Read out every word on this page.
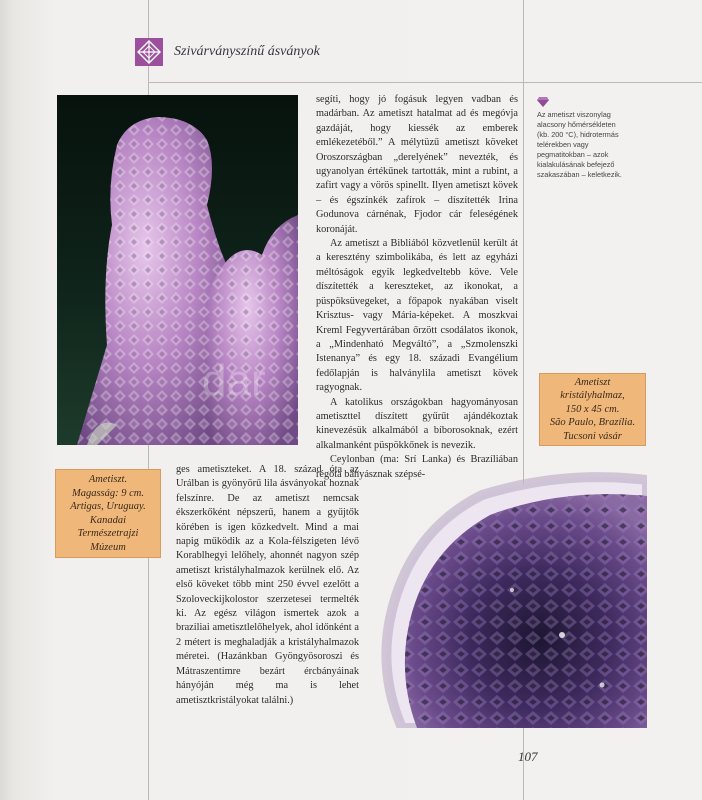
Szivárványszínű ásványok
dar

segíti, hogy jó fogásuk legyen vadban és madárban. Az ametiszt hatalmat ad és megóvja gazdáját, hogy kiessék az emberek emlékezetéből.” A mélytüzű ametiszt köveket Oroszországban „derelyének” nevezték, és ugyanolyan értékűnek tartották, mint a rubint, a zafirt vagy a vörös spinellt. Ilyen ametiszt kövek – és égszínkék zafírok – díszítették Irina Godunova cárnénak, Fjodor cár feleségének koronáját.

Az ametiszt a Bibliából közvetlenül került át a keresztény szimbolikába, és lett az egyházi méltóságok egyik legkedveltebb köve. Vele díszítették a kereszteket, az ikonokat, a püspöksüvegeket, a főpapok nyakában viselt Krisztus- vagy Mária-képeket. A moszkvai Kreml Fegyvertárában őrzött csodálatos ikonok, a „Mindenható Megváltó”, a „Szmolenszki Istenanya” és egy 18. századi Evangélium fedőlapján is halványlila ametiszt kövek ragyognak.

A katolikus országokban hagyományosan ametiszttel díszített gyűrűt ajándékoztak kinevezésük alkalmából a bíborosoknak, ezért alkalmanként püspökkőnek is nevezik.

Ceylonban (ma: Srí Lanka) és Brazíliában régóta bányásznak szépsé-

ges ametiszteket. A 18. század óta az Urálban is gyönyörű lila ásványokat hoznak felszínre. De az ametiszt nemcsak ékszerkőként népszerű, hanem a gyűjtők körében is igen közkedvelt. Mind a mai napig működik az a Kola-félszigeten lévő Korablhegyi lelőhely, ahonnét nagyon szép ametiszt kristályhalmazok kerülnek elő. Az első köveket több mint 250 évvel ezelőtt a Szoloveckijkolostor szerzetesei termelték ki. Az egész világon ismertek azok a braziliai ametisztlelőhelyek, ahol időnként a 2 métert is meghaladják a kristályhalmazok méretei. (Hazánkban Gyöngyösoroszi és Mátraszentimre bezárt ércbányáinak hányóján még ma is lehet ametisztkristályokat találni.)

Ametiszt.
Magasság: 9 cm.
Artigas, Uruguay.
Kanadai Természetrajzi
Múzeum
Ametiszt kristályhalmaz,
150 x 45 cm.
São Paulo, Brazília.
Tucsoni vásár
Az ametiszt viszonylag alacsony hőmérsékleten (kb. 200 °C), hidrotermás telérekben vagy pegmatitokban – azok kialakulásának befejező szakaszában – keletkezik.
107
